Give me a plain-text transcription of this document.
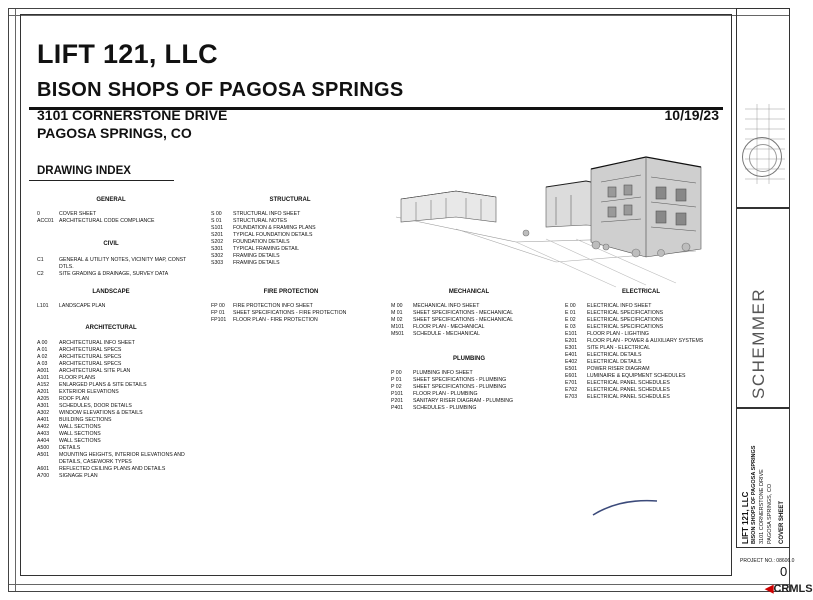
LIFT 121, LLC
BISON SHOPS OF PAGOSA SPRINGS
3101 CORNERSTONE DRIVE
PAGOSA SPRINGS, CO
10/19/23
DRAWING INDEX
GENERAL
0	COVER SHEET
ACC01	ARCHITECTURAL CODE COMPLIANCE
CIVIL
C1	GENERAL & UTILITY NOTES, VICINITY MAP, CONST DTLS.
C2	SITE GRADING & DRAINAGE, SURVEY DATA
LANDSCAPE
L101	LANDSCAPE PLAN
ARCHITECTURAL
A 00	ARCHITECTURAL INFO SHEET
A 01	ARCHITECTURAL SPECS
A 02	ARCHITECTURAL SPECS
A 03	ARCHITECTURAL SPECS
A001	ARCHITECTURAL SITE PLAN
A101	FLOOR PLANS
A152	ENLARGED PLANS & SITE DETAILS
A201	EXTERIOR ELEVATIONS
A205	ROOF PLAN
A301	SCHEDULES, DOOR DETAILS
A302	WINDOW ELEVATIONS & DETAILS
A401	BUILDING SECTIONS
A402	WALL SECTIONS
A403	WALL SECTIONS
A404	WALL SECTIONS
A500	DETAILS
A501	MOUNTING HEIGHTS, INTERIOR ELEVATIONS AND DETAILS, CASEWORK TYPES
A601	REFLECTED CEILING PLANS AND DETAILS
A700	SIGNAGE PLAN
STRUCTURAL
S 00	STRUCTURAL INFO SHEET
S 01	STRUCTURAL NOTES
S101	FOUNDATION & FRAMING PLANS
S201	TYPICAL FOUNDATION DETAILS
S202	FOUNDATION DETAILS
S301	TYPICAL FRAMING DETAIL
S302	FRAMING DETAILS
S303	FRAMING DETAILS
FIRE PROTECTION
FP 00	FIRE PROTECTION INFO SHEET
FP 01	SHEET SPECIFICATIONS - FIRE PROTECTION
FP101	FLOOR PLAN - FIRE PROTECTION
MECHANICAL
M 00	MECHANICAL INFO SHEET
M 01	SHEET SPECIFICATIONS - MECHANICAL
M 02	SHEET SPECIFICATIONS - MECHANICAL
M101	FLOOR PLAN - MECHANICAL
M501	SCHEDULE - MECHANICAL
PLUMBING
P 00	PLUMBING INFO SHEET
P 01	SHEET SPECIFICATIONS - PLUMBING
P 02	SHEET SPECIFICATIONS - PLUMBING
P101	FLOOR PLAN - PLUMBING
P201	SANITARY RISER DIAGRAM - PLUMBING
P401	SCHEDULES - PLUMBING
ELECTRICAL
E 00	ELECTRICAL INFO SHEET
E 01	ELECTRICAL SPECIFICATIONS
E 02	ELECTRICAL SPECIFICATIONS
E 03	ELECTRICAL SPECIFICATIONS
E101	FLOOR PLAN - LIGHTING
E201	FLOOR PLAN - POWER & AUXILIARY SYSTEMS
E301	SITE PLAN - ELECTRICAL
E401	ELECTRICAL DETAILS
E402	ELECTRICAL DETAILS
E501	POWER RISER DIAGRAM
E601	LUMINAIRE & EQUIPMENT SCHEDULES
E701	ELECTRICAL PANEL SCHEDULES
E702	ELECTRICAL PANEL SCHEDULES
E703	ELECTRICAL PANEL SCHEDULES	SCHEMMER
LIFT 121, LLC BISON SHOPS OF PAGOSA SPRINGS 3101 CORNERSTONE DRIVE PAGOSA SPRINGS, CO COVER SHEET
PROJECT NO.: 08606.0
0
◀CRMLS
